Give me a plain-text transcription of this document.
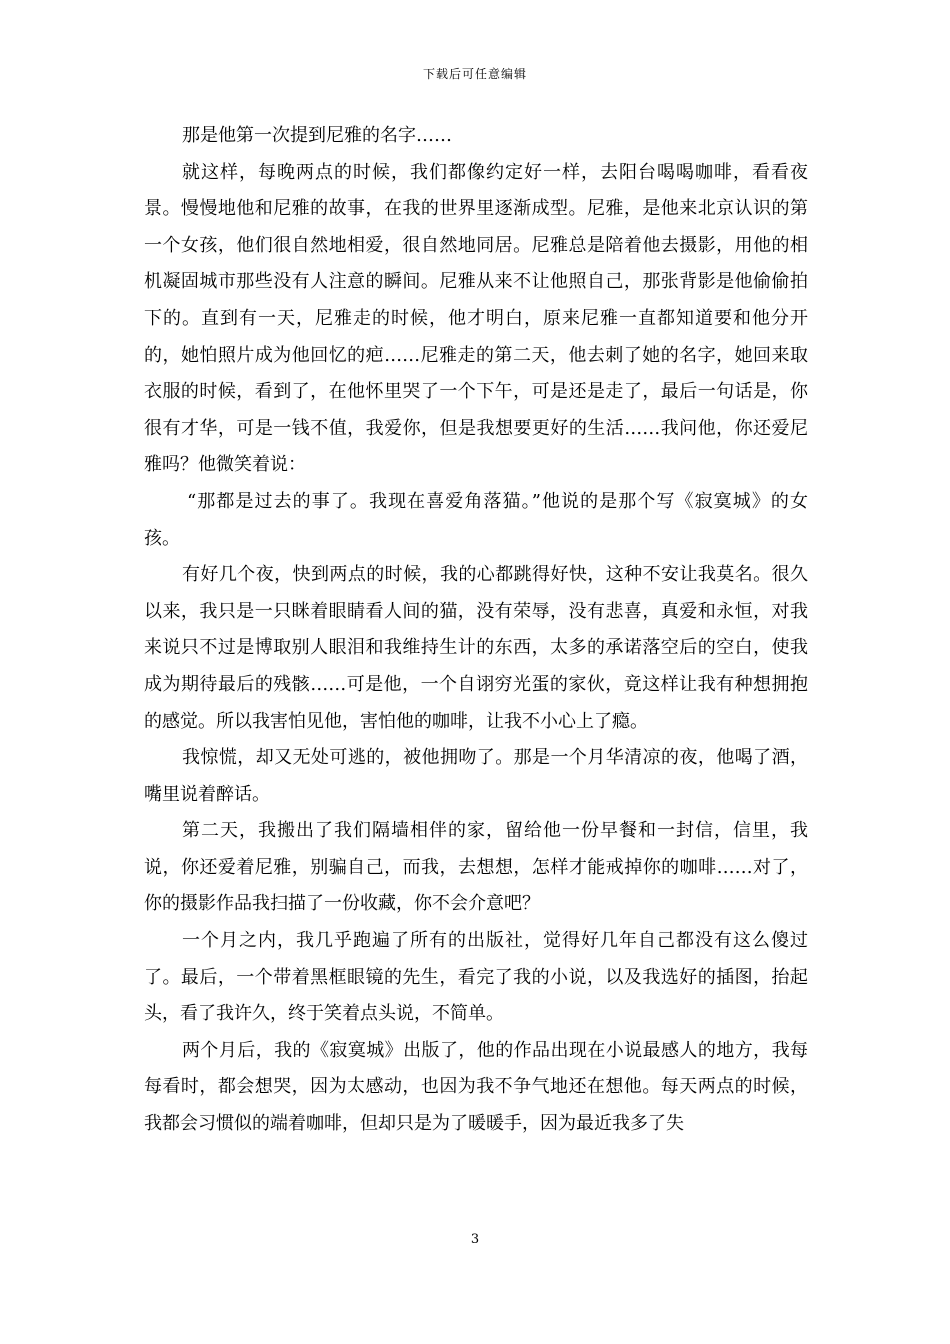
下载后可任意编辑

那是他第一次提到尼雅的名字……

就这样，每晚两点的时候，我们都像约定好一样，去阳台喝喝咖啡，看看夜景。慢慢地他和尼雅的故事，在我的世界里逐渐成型。尼雅，是他来北京认识的第一个女孩，他们很自然地相爱，很自然地同居。尼雅总是陪着他去摄影，用他的相机凝固城市那些没有人注意的瞬间。尼雅从来不让他照自己，那张背影是他偷偷拍下的。直到有一天，尼雅走的时候，他才明白，原来尼雅一直都知道要和他分开的，她怕照片成为他回忆的疤……尼雅走的第二天，他去刺了她的名字，她回来取衣服的时候，看到了，在他怀里哭了一个下午，可是还是走了，最后一句话是，你很有才华，可是一钱不值，我爱你，但是我想要更好的生活……我问他，你还爱尼雅吗？他微笑着说：

“那都是过去的事了。我现在喜爱角落猫。”他说的是那个写《寂寞城》的女孩。

有好几个夜，快到两点的时候，我的心都跳得好快，这种不安让我莫名。很久以来，我只是一只眯着眼睛看人间的猫，没有荣辱，没有悲喜，真爱和永恒，对我来说只不过是博取别人眼泪和我维持生计的东西，太多的承诺落空后的空白，使我成为期待最后的残骸……可是他，一个自诩穷光蛋的家伙，竟这样让我有种想拥抱的感觉。所以我害怕见他，害怕他的咖啡，让我不小心上了瘾。

我惊慌，却又无处可逃的，被他拥吻了。那是一个月华清凉的夜，他喝了酒，嘴里说着醉话。

第二天，我搬出了我们隔墙相伴的家，留给他一份早餐和一封信，信里，我说，你还爱着尼雅，别骗自己，而我，去想想，怎样才能戒掉你的咖啡……对了，你的摄影作品我扫描了一份收藏，你不会介意吧？

一个月之内，我几乎跑遍了所有的出版社，觉得好几年自己都没有这么傻过了。最后，一个带着黑框眼镜的先生，看完了我的小说，以及我选好的插图，抬起头，看了我许久，终于笑着点头说，不简单。

两个月后，我的《寂寞城》出版了，他的作品出现在小说最感人的地方，我每每看时，都会想哭，因为太感动，也因为我不争气地还在想他。每天两点的时候，我都会习惯似的端着咖啡，但却只是为了暖暖手，因为最近我多了失

3
